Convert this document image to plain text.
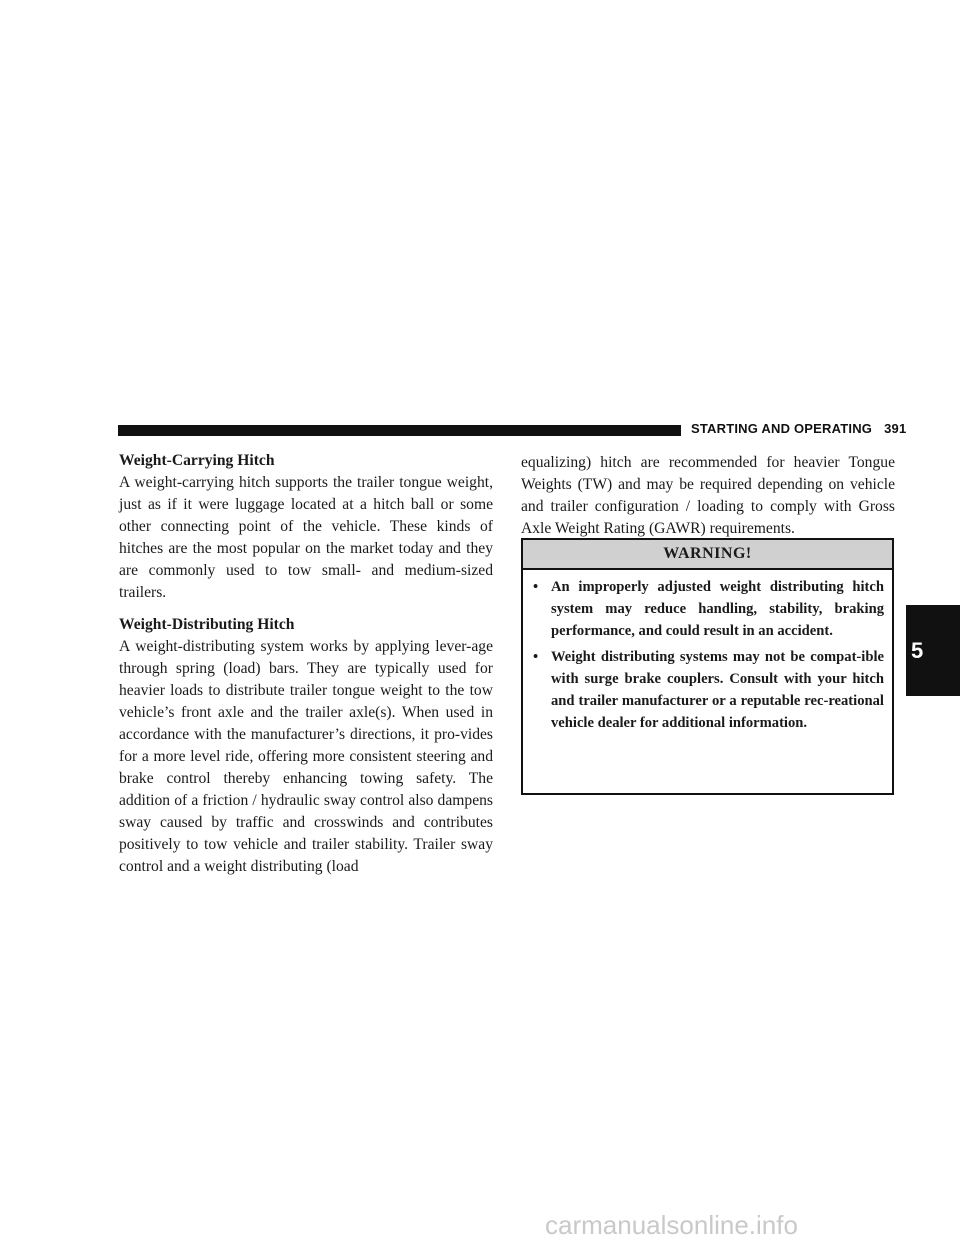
STARTING AND OPERATING 391

Weight-Carrying Hitch

A weight-carrying hitch supports the trailer tongue weight, just as if it were luggage located at a hitch ball or some other connecting point of the vehicle. These kinds of hitches are the most popular on the market today and they are commonly used to tow small- and medium-sized trailers.

Weight-Distributing Hitch

A weight-distributing system works by applying lever-age through spring (load) bars. They are typically used for heavier loads to distribute trailer tongue weight to the tow vehicle’s front axle and the trailer axle(s). When used in accordance with the manufacturer’s directions, it pro-vides for a more level ride, offering more consistent steering and brake control thereby enhancing towing safety. The addition of a friction / hydraulic sway control also dampens sway caused by traffic and crosswinds and contributes positively to tow vehicle and trailer stability. Trailer sway control and a weight distributing (load

equalizing) hitch are recommended for heavier Tongue Weights (TW) and may be required depending on vehicle and trailer configuration / loading to comply with Gross Axle Weight Rating (GAWR) requirements.

WARNING!
• An improperly adjusted weight distributing hitch system may reduce handling, stability, braking performance, and could result in an accident.
• Weight distributing systems may not be compat-ible with surge brake couplers. Consult with your hitch and trailer manufacturer or a reputable rec-reational vehicle dealer for additional information.
5
carmanualsonline.info
